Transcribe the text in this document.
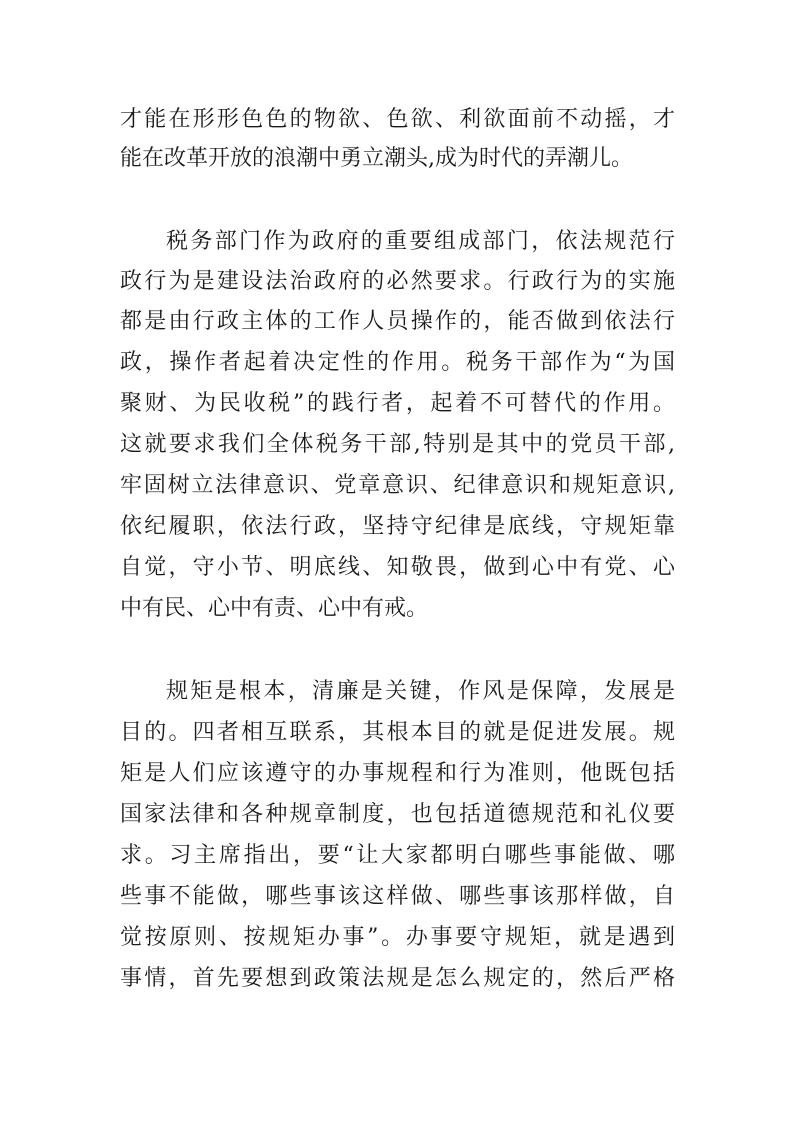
才能在形形色色的物欲、色欲、利欲面前不动摇，才
能在改革开放的浪潮中勇立潮头,成为时代的弄潮儿。
税务部门作为政府的重要组成部门，依法规范行
政行为是建设法治政府的必然要求。行政行为的实施
都是由行政主体的工作人员操作的，能否做到依法行
政，操作者起着决定性的作用。税务干部作为“为国
聚财、为民收税”的践行者，起着不可替代的作用。
这就要求我们全体税务干部,特别是其中的党员干部,
牢固树立法律意识、党章意识、纪律意识和规矩意识,
依纪履职，依法行政，坚持守纪律是底线，守规矩靠
自觉，守小节、明底线、知敬畏，做到心中有党、心
中有民、心中有责、心中有戒。
规矩是根本，清廉是关键，作风是保障，发展是
目的。四者相互联系，其根本目的就是促进发展。规
矩是人们应该遵守的办事规程和行为准则，他既包括
国家法律和各种规章制度，也包括道德规范和礼仪要
求。习主席指出，要“让大家都明白哪些事能做、哪
些事不能做，哪些事该这样做、哪些事该那样做，自
觉按原则、按规矩办事”。办事要守规矩，就是遇到
事情，首先要想到政策法规是怎么规定的，然后严格
